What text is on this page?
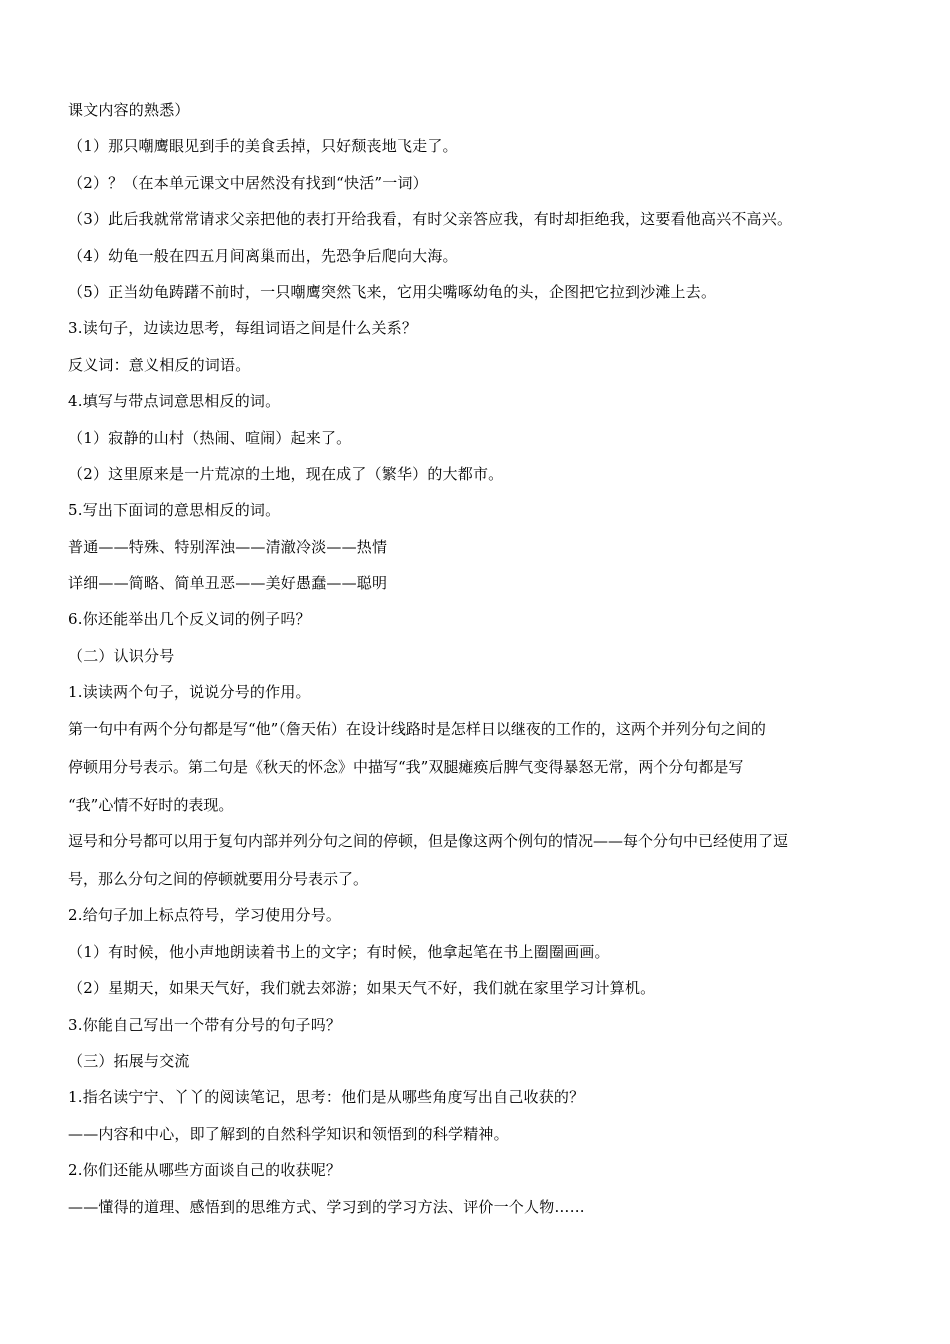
课文内容的熟悉）
（1）那只嘲鹰眼见到手的美食丢掉，只好颓丧地飞走了。
（2）？（在本单元课文中居然没有找到“快活”一词）
（3）此后我就常常请求父亲把他的表打开给我看，有时父亲答应我，有时却拒绝我，这要看他高兴不高兴。
（4）幼龟一般在四五月间离巢而出，先恐争后爬向大海。
（5）正当幼龟踌躇不前时，一只嘲鹰突然飞来，它用尖嘴啄幼龟的头，企图把它拉到沙滩上去。
3.读句子，边读边思考，每组词语之间是什么关系？
反义词：意义相反的词语。
4.填写与带点词意思相反的词。
（1）寂静的山村（热闹、喧闹）起来了。
（2）这里原来是一片荒凉的土地，现在成了（繁华）的大都市。
5.写出下面词的意思相反的词。
普通——特殊、特别浑浊——清澈冷淡——热情
详细——简略、简单丑恶——美好愚蠢——聪明
6.你还能举出几个反义词的例子吗？
（二）认识分号
1.读读两个句子，说说分号的作用。
第一句中有两个分句都是写“他”（詹天佑）在设计线路时是怎样日以继夜的工作的，这两个并列分句之间的
停顿用分号表示。第二句是《秋天的怀念》中描写“我”双腿瘫痪后脾气变得暴怒无常，两个分句都是写
“我”心情不好时的表现。
逗号和分号都可以用于复句内部并列分句之间的停顿，但是像这两个例句的情况——每个分句中已经使用了逗
号，那么分句之间的停顿就要用分号表示了。
2.给句子加上标点符号，学习使用分号。
（1）有时候，他小声地朗读着书上的文字；有时候，他拿起笔在书上圈圈画画。
（2）星期天，如果天气好，我们就去郊游；如果天气不好，我们就在家里学习计算机。
3.你能自己写出一个带有分号的句子吗？
（三）拓展与交流
1.指名读宁宁、丫丫的阅读笔记，思考：他们是从哪些角度写出自己收获的？
——内容和中心，即了解到的自然科学知识和领悟到的科学精神。
2.你们还能从哪些方面谈自己的收获呢？
——懂得的道理、感悟到的思维方式、学习到的学习方法、评价一个人物……
